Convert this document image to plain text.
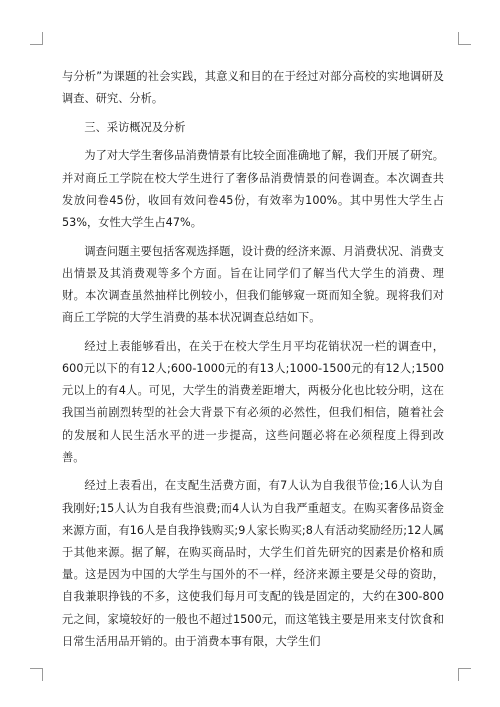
与分析”为课题的社会实践，其意义和目的在于经过对部分高校的实地调研及调查、研究、分析。

三、采访概况及分析

为了对大学生奢侈品消费情景有比较全面准确地了解，我们开展了研究。并对商丘工学院在校大学生进行了奢侈品消费情景的问卷调查。本次调查共发放问卷45份，收回有效问卷45份，有效率为100%。其中男性大学生占53%，女性大学生占47%。

调查问题主要包括客观选择题，设计费的经济来源、月消费状况、消费支出情景及其消费观等多个方面。旨在让同学们了解当代大学生的消费、理财。本次调查虽然抽样比例较小，但我们能够窥一斑而知全貌。现将我们对商丘工学院的大学生消费的基本状况调查总结如下。

经过上表能够看出，在关于在校大学生月平均花销状况一栏的调查中，600元以下的有12人;600-1000元的有13人;1000-1500元的有12人;1500元以上的有4人。可见，大学生的消费差距增大，两极分化也比较分明，这在我国当前剧烈转型的社会大背景下有必须的必然性，但我们相信，随着社会的发展和人民生活水平的进一步提高，这些问题必将在必须程度上得到改善。

经过上表看出，在支配生活费方面，有7人认为自我很节俭;16人认为自我刚好;15人认为自我有些浪费;而4人认为自我严重超支。在购买奢侈品资金来源方面，有16人是自我挣钱购买;9人家长购买;8人有活动奖励经历;12人属于其他来源。据了解，在购买商品时，大学生们首先研究的因素是价格和质量。这是因为中国的大学生与国外的不一样，经济来源主要是父母的资助，自我兼职挣钱的不多，这使我们每月可支配的钱是固定的，大约在300-800元之间，家境较好的一般也不超过1500元，而这笔钱主要是用来支付饮食和日常生活用品开销的。由于消费本事有限，大学生们
